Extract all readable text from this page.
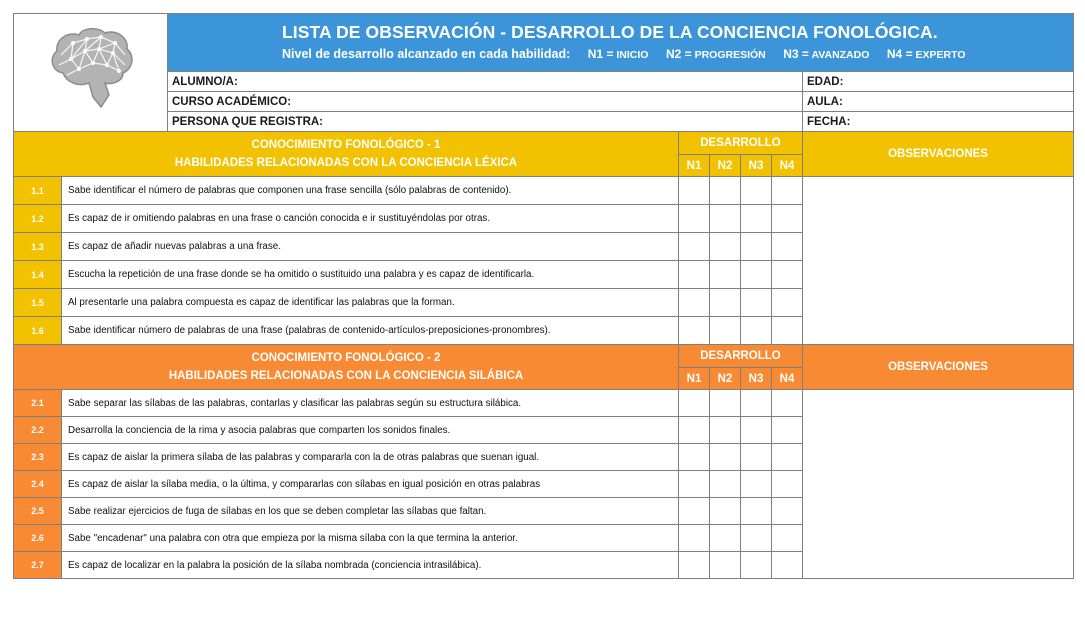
LISTA DE OBSERVACIÓN - DESARROLLO DE LA CONCIENCIA FONOLÓGICA.
Nivel de desarrollo alcanzado en cada habilidad: N1 = INICIO N2 = PROGRESIÓN N3 = AVANZADO N4 = EXPERTO					

		ALUMNO/A:					EDAD:
		CURSO ACADÉMICO:					AULA:
		PERSONA QUE REGISTRA:					FECHA:

CONOCIMIENTO FONOLÓGICO - 1
HABILIDADES RELACIONADAS CON LA CONCIENCIA LÉXICA			DESARROLLO				OBSERVACIONES
			N1	N2	N3	N4	
1.1	Sabe identificar el número de palabras que componen una frase sencilla (sólo palabras de contenido).						
1.2	Es capaz de ir omitiendo palabras en una frase o canción conocida e ir sustituyéndolas por otras.						
1.3	Es capaz de añadir nuevas palabras a una frase.						
1.4	Escucha la repetición de una frase donde se ha omitido o sustituido una palabra y es capaz de identificarla.						
1.5	Al presentarle una palabra compuesta es capaz de identificar las palabras que la forman.						
1.6	Sabe identificar número de palabras de una frase (palabras de contenido-artículos-preposiciones-pronombres).						

CONOCIMIENTO FONOLÓGICO - 2
HABILIDADES RELACIONADAS CON LA CONCIENCIA SILÁBICA			DESARROLLO				OBSERVACIONES
			N1	N2	N3	N4	
2.1	Sabe separar las sílabas de las palabras, contarlas y clasificar las palabras según su estructura silábica.						
2.2	Desarrolla la conciencia de la rima y asocia palabras que comparten los sonidos finales.						
2.3	Es capaz de aislar la primera sílaba de las palabras y compararla con la de otras palabras que suenan igual.						
2.4	Es capaz de aislar la sílaba media, o la última, y compararlas con sílabas en igual posición en otras palabras						
2.5	Sabe realizar ejercicios de fuga de sílabas en los que se deben completar las sílabas que faltan.						
2.6	Sabe "encadenar" una palabra con otra que empieza por la misma sílaba con la que termina la anterior.						
2.7	Es capaz de localizar en la palabra la posición de la sílaba nombrada (conciencia intrasilábica).						
